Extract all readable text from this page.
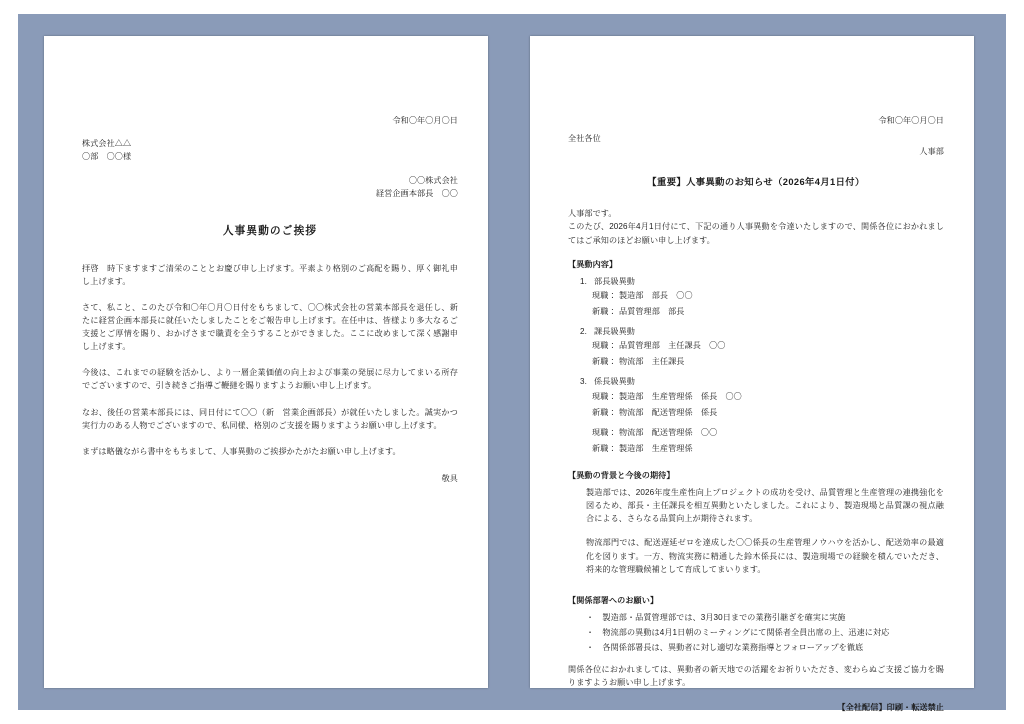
令和〇年〇月〇日
株式会社△△
〇部　〇〇様
〇〇株式会社
経営企画本部長　〇〇
人事異動のご挨拶
拝啓　時下ますますご清栄のこととお慶び申し上げます。平素より格別のご高配を賜り、厚く御礼申し上げます。
さて、私こと、このたび令和〇年〇月〇日付をもちまして、〇〇株式会社の営業本部長を退任し、新たに経営企画本部長に就任いたしましたことをご報告申し上げます。在任中は、皆様より多大なるご支援とご厚情を賜り、おかげさまで職責を全うすることができました。ここに改めまして深く感謝申し上げます。
今後は、これまでの経験を活かし、より一層企業価値の向上および事業の発展に尽力してまいる所存でございますので、引き続きご指導ご鞭撻を賜りますようお願い申し上げます。
なお、後任の営業本部長には、同日付にて〇〇（新　営業企画部長）が就任いたしました。誠実かつ実行力のある人物でございますので、私同様、格別のご支援を賜りますようお願い申し上げます。
まずは略儀ながら書中をもちまして、人事異動のご挨拶かたがたお願い申し上げます。
敬具
令和〇年〇月〇日
全社各位
人事部
【重要】人事異動のお知らせ（2026年4月1日付）
人事部です。
このたび、2026年4月1日付にて、下記の通り人事異動を令達いたしますので、関係各位におかれましてはご承知のほどお願い申し上げます。
【異動内容】
1. 部長級異動
現職： 製造部　部長　〇〇
新職： 品質管理部　部長
2. 課長級異動
現職： 品質管理部　主任課長　〇〇
新職： 物流部　主任課長
3. 係長級異動
現職： 製造部　生産管理係　係長　〇〇
新職： 物流部　配送管理係　係長
現職： 物流部　配送管理係　〇〇
新職： 製造部　生産管理係
【異動の背景と今後の期待】
製造部では、2026年度生産性向上プロジェクトの成功を受け、品質管理と生産管理の連携強化を図るため、部長・主任課長を相互異動といたしました。これにより、製造現場と品質課の視点融合による、さらなる品質向上が期待されます。
物流部門では、配送遅延ゼロを達成した〇〇係長の生産管理ノウハウを活かし、配送効率の最適化を図ります。一方、物流実務に精通した鈴木係長には、製造現場での経験を積んでいただき、将来的な管理職候補として育成してまいります。
【関係部署へのお願い】
・　製造部・品質管理部では、3月30日までの業務引継ぎを確実に実施
・　物流部の異動は4月1日朝のミーティングにて関係者全員出席の上、迅速に対応
・　各関係部署長は、異動者に対し適切な業務指導とフォローアップを徹底
関係各位におかれましては、異動者の新天地での活躍をお祈りいただき、変わらぬご支援ご協力を賜りますようお願い申し上げます。
【全社配信】印刷・転送禁止
